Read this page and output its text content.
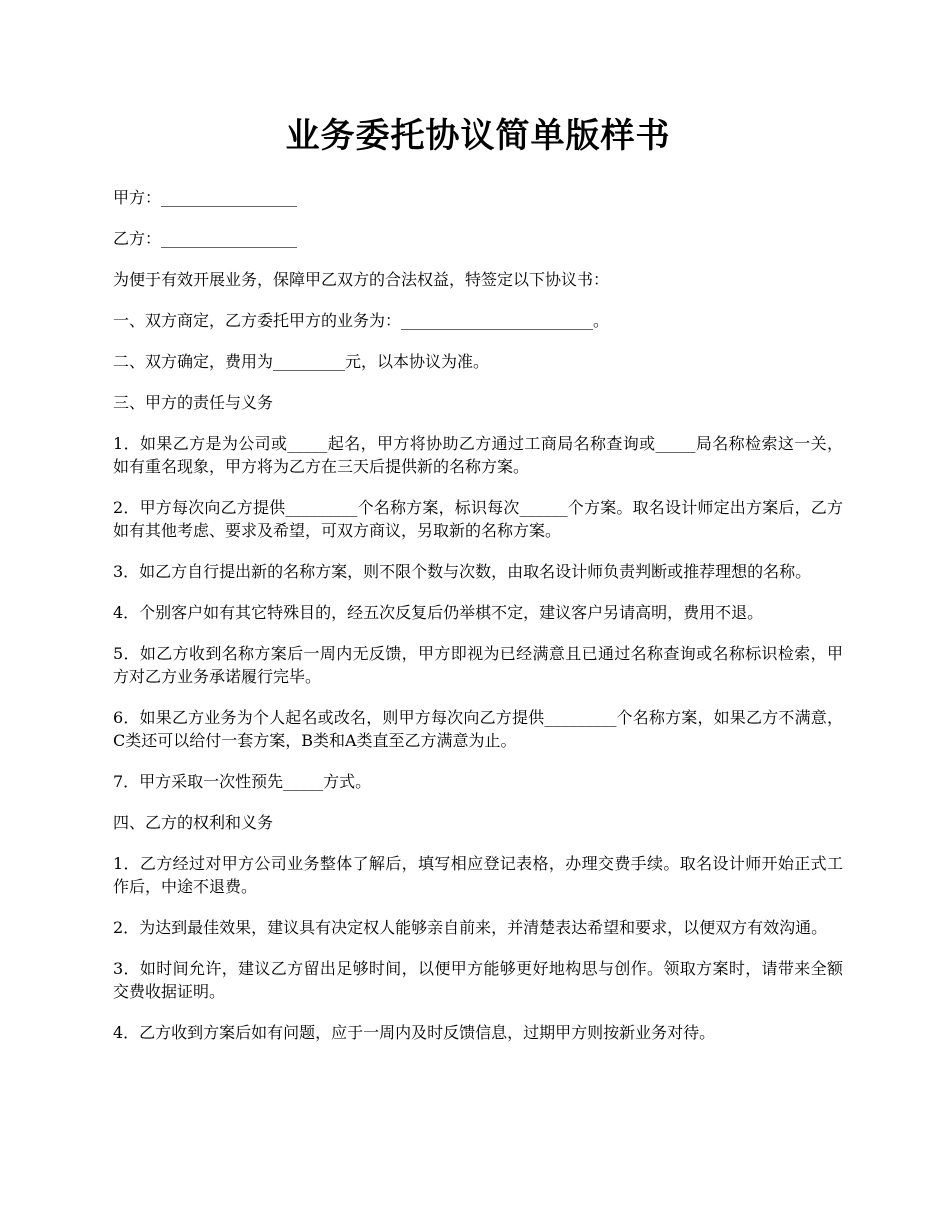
业务委托协议简单版样书

甲方：_________________

乙方：_________________

为便于有效开展业务，保障甲乙双方的合法权益，特签定以下协议书：

一、双方商定，乙方委托甲方的业务为：________________________。

二、双方确定，费用为_________元，以本协议为准。

三、甲方的责任与义务

1．如果乙方是为公司或_____起名，甲方将协助乙方通过工商局名称查询或_____局名称检索这一关，如有重名现象，甲方将为乙方在三天后提供新的名称方案。

2．甲方每次向乙方提供_________个名称方案，标识每次______个方案。取名设计师定出方案后，乙方如有其他考虑、要求及希望，可双方商议，另取新的名称方案。

3．如乙方自行提出新的名称方案，则不限个数与次数，由取名设计师负责判断或推荐理想的名称。

4．个别客户如有其它特殊目的，经五次反复后仍举棋不定，建议客户另请高明，费用不退。

5．如乙方收到名称方案后一周内无反馈，甲方即视为已经满意且已通过名称查询或名称标识检索，甲方对乙方业务承诺履行完毕。

6．如果乙方业务为个人起名或改名，则甲方每次向乙方提供_________个名称方案，如果乙方不满意，C类还可以给付一套方案，B类和A类直至乙方满意为止。

7．甲方采取一次性预先_____方式。

四、乙方的权利和义务

1．乙方经过对甲方公司业务整体了解后，填写相应登记表格，办理交费手续。取名设计师开始正式工作后，中途不退费。

2．为达到最佳效果，建议具有决定权人能够亲自前来，并清楚表达希望和要求，以便双方有效沟通。

3．如时间允许，建议乙方留出足够时间，以便甲方能够更好地构思与创作。领取方案时，请带来全额交费收据证明。

4．乙方收到方案后如有问题，应于一周内及时反馈信息，过期甲方则按新业务对待。
